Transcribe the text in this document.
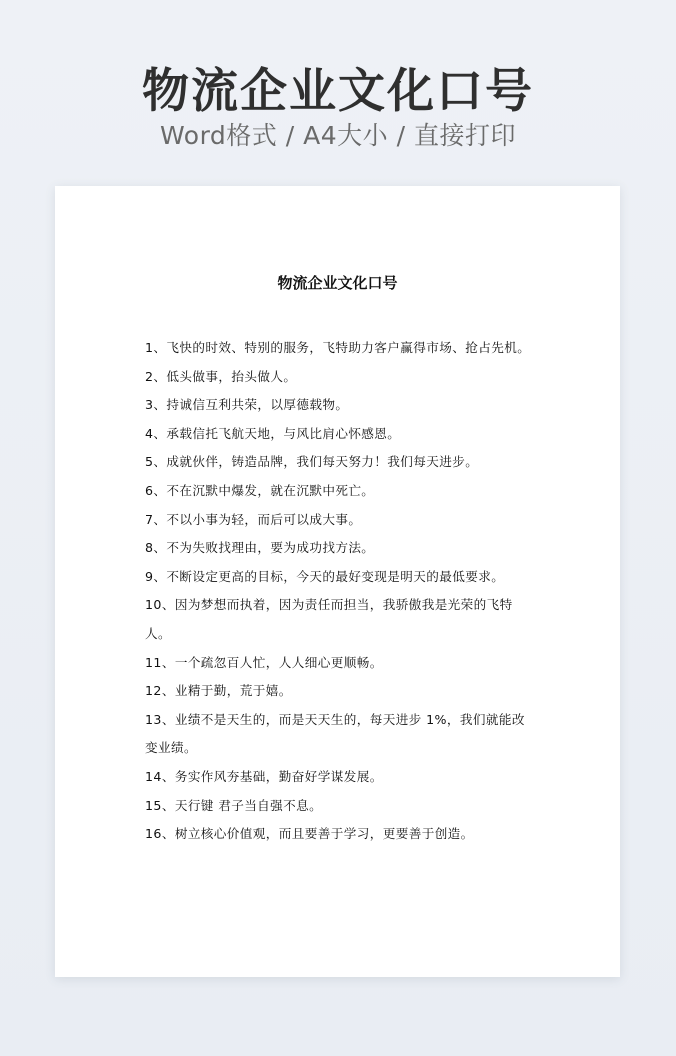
物流企业文化口号
Word格式 / A4大小 / 直接打印
物流企业文化口号
1、飞快的时效、特别的服务，飞特助力客户赢得市场、抢占先机。
2、低头做事，抬头做人。
3、持诚信互利共荣，以厚德载物。
4、承载信托飞航天地，与风比肩心怀感恩。
5、成就伙伴，铸造品牌，我们每天努力！我们每天进步。
6、不在沉默中爆发，就在沉默中死亡。
7、不以小事为轻，而后可以成大事。
8、不为失败找理由，要为成功找方法。
9、不断设定更高的目标，今天的最好变现是明天的最低要求。
10、因为梦想而执着，因为责任而担当，我骄傲我是光荣的飞特人。
11、一个疏忽百人忙，人人细心更顺畅。
12、业精于勤，荒于嬉。
13、业绩不是天生的，而是天天生的，每天进步 1%，我们就能改变业绩。
14、务实作风夯基础，勤奋好学谋发展。
15、天行键 君子当自强不息。
16、树立核心价值观，而且要善于学习，更要善于创造。
